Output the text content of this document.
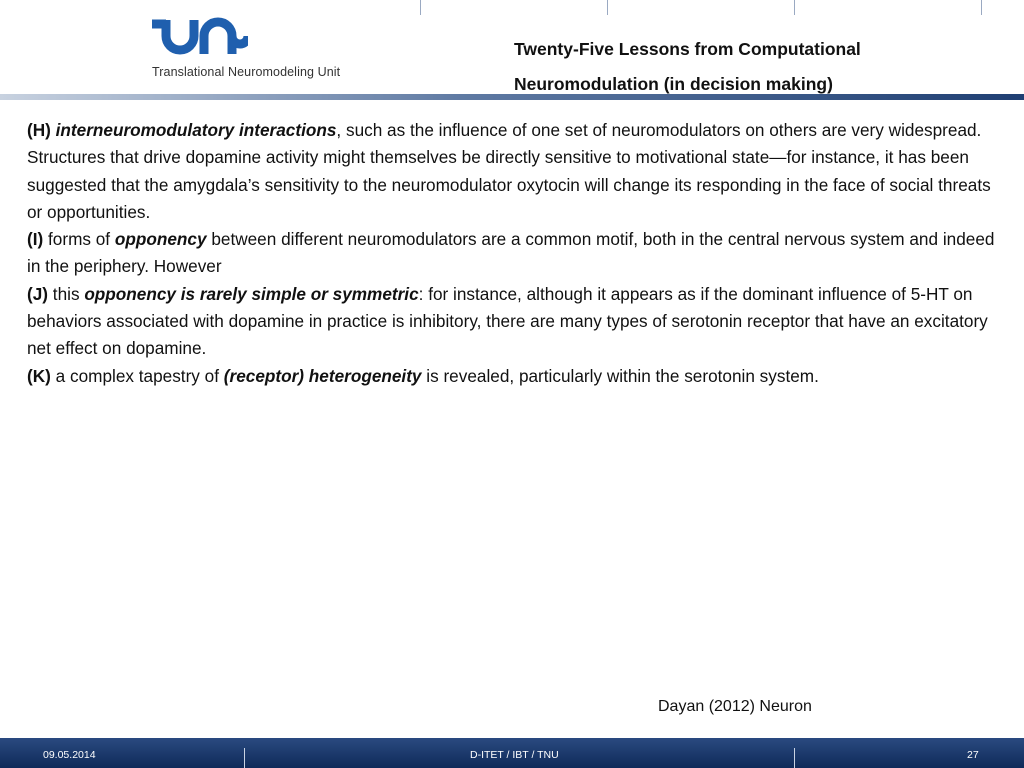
Translational Neuromodeling Unit
Twenty-Five Lessons from Computational
Neuromodulation (in decision making)

(H) interneuromodulatory interactions, such as the influence of one set of neuromodulators on others are very widespread. Structures that drive dopamine activity might themselves be directly sensitive to motivational state—for instance, it has been suggested that the amygdala’s sensitivity to the neuromodulator oxytocin will change its responding in the face of social threats or opportunities.

(I) forms of opponency between different neuromodulators are a common motif, both in the central nervous system and indeed in the periphery. However

(J) this opponency is rarely simple or symmetric: for instance, although it appears as if the dominant influence of 5-HT on behaviors associated with dopamine in practice is inhibitory, there are many types of serotonin receptor that have an excitatory net effect on dopamine.

(K) a complex tapestry of (receptor) heterogeneity is revealed, particularly within the serotonin system.

Dayan (2012) Neuron
09.05.2014	D-ITET / IBT / TNU	27
